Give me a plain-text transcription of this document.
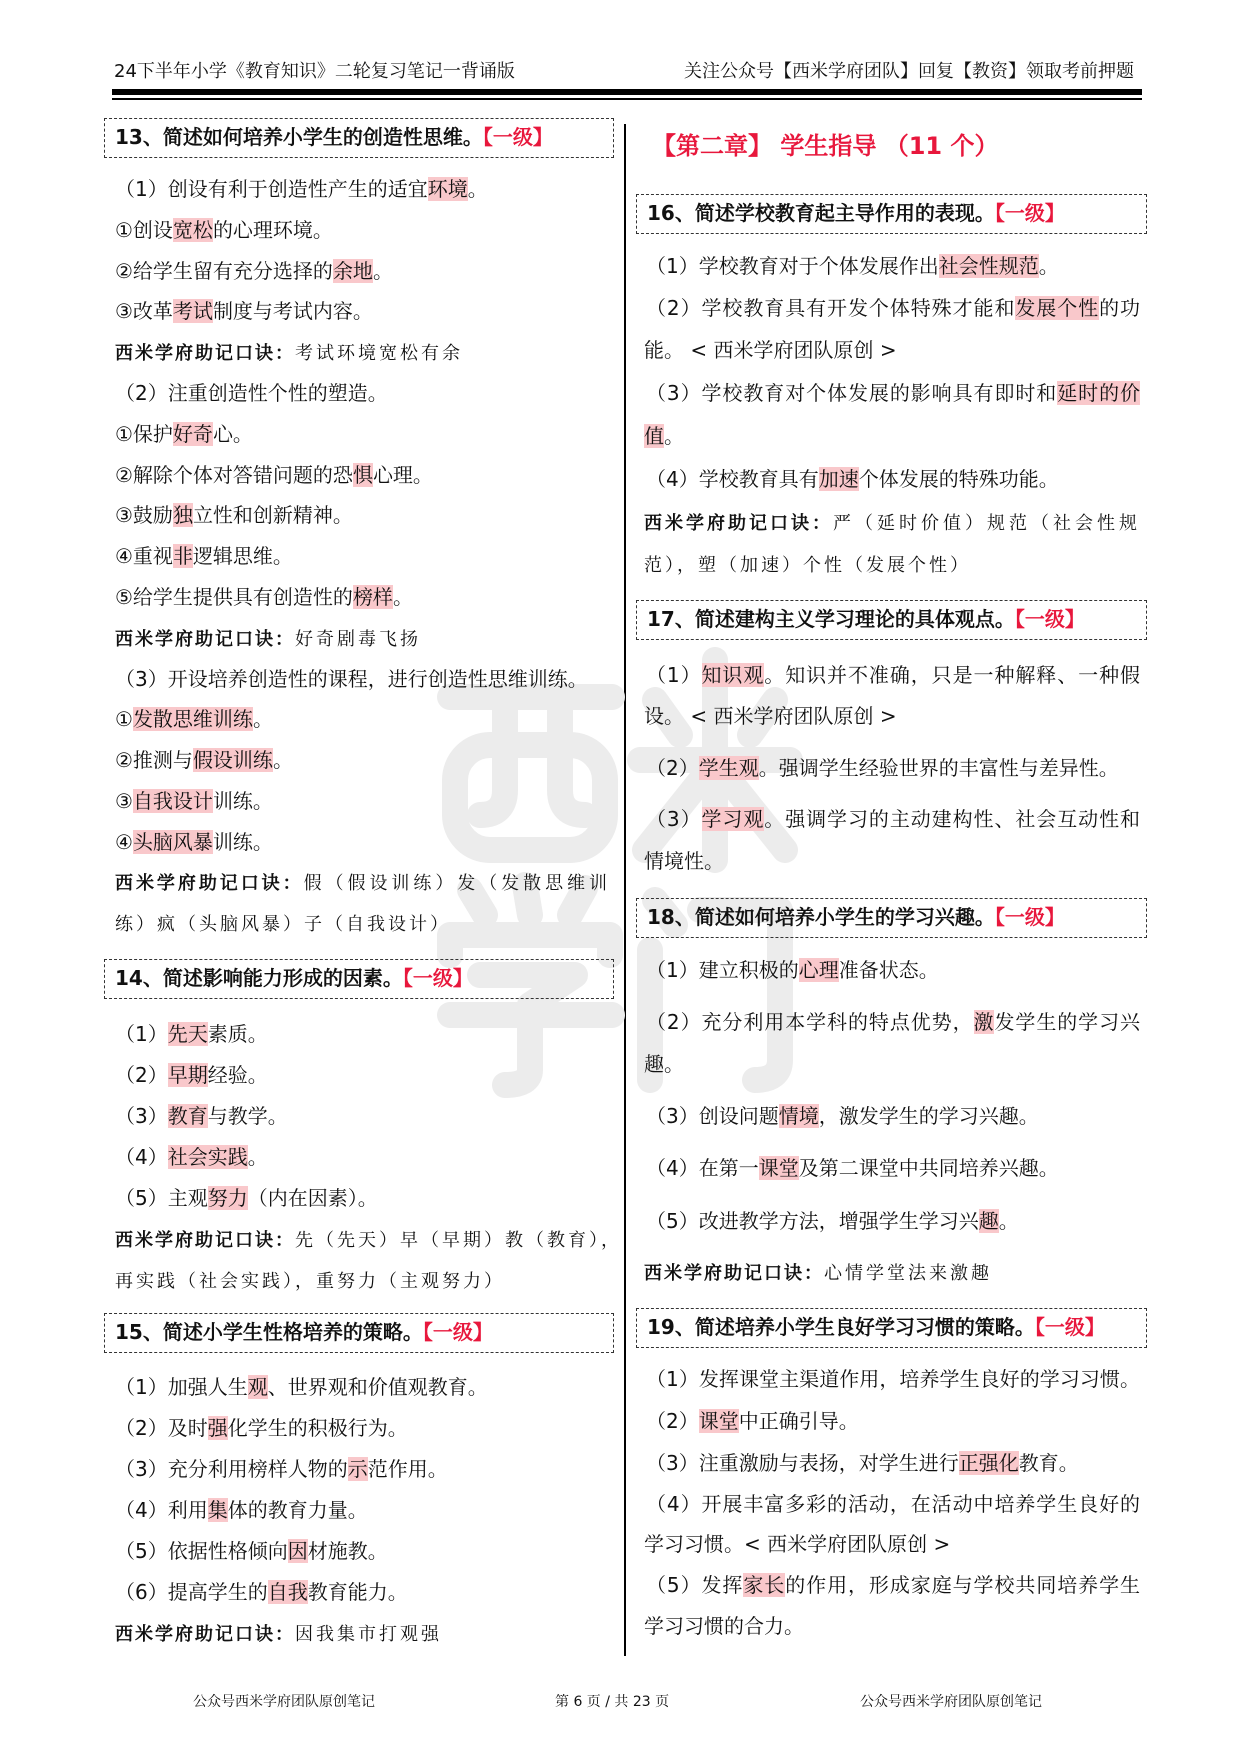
24下半年小学《教育知识》二轮复习笔记一背诵版	关注公众号【西米学府团队】回复【教资】领取考前押题
13、简述如何培养小学生的创造性思维。【一级】
（1）创设有利于创造性产生的适宜环境。
①创设宽松的心理环境。
②给学生留有充分选择的余地。
③改革考试制度与考试内容。
西米学府助记口诀：考试环境宽松有余
（2）注重创造性个性的塑造。
①保护好奇心。
②解除个体对答错问题的恐惧心理。
③鼓励独立性和创新精神。
④重视非逻辑思维。
⑤给学生提供具有创造性的榜样。
西米学府助记口诀：好奇剧毒飞扬
（3）开设培养创造性的课程，进行创造性思维训练。
①发散思维训练。
②推测与假设训练。
③自我设计训练。
④头脑风暴训练。
西米学府助记口诀：假（假设训练）发（发散思维训
练）疯（头脑风暴）子（自我设计）
14、简述影响能力形成的因素。【一级】
（1）先天素质。
（2）早期经验。
（3）教育与教学。
（4）社会实践。
（5）主观努力（内在因素）。
西米学府助记口诀：先（先天）早（早期）教（教育），
再实践（社会实践），重努力（主观努力）
15、简述小学生性格培养的策略。【一级】
（1）加强人生观、世界观和价值观教育。
（2）及时强化学生的积极行为。
（3）充分利用榜样人物的示范作用。
（4）利用集体的教育力量。
（5）依据性格倾向因材施教。
（6）提高学生的自我教育能力。
西米学府助记口诀：因我集市打观强
【第二章】 学生指导 （11 个）
16、简述学校教育起主导作用的表现。【一级】
（1）学校教育对于个体发展作出社会性规范。
（2）学校教育具有开发个体特殊才能和发展个性的功
能。 < 西米学府团队原创 >
（3）学校教育对个体发展的影响具有即时和延时的价
值。
（4）学校教育具有加速个体发展的特殊功能。
西米学府助记口诀：严（延时价值）规范（社会性规
范），塑（加速）个性（发展个性）
17、简述建构主义学习理论的具体观点。【一级】
（1）知识观。知识并不准确，只是一种解释、一种假
设。 < 西米学府团队原创 >
（2）学生观。强调学生经验世界的丰富性与差异性。
（3）学习观。强调学习的主动建构性、社会互动性和
情境性。
18、简述如何培养小学生的学习兴趣。【一级】
（1）建立积极的心理准备状态。
（2）充分利用本学科的特点优势，激发学生的学习兴
趣。
（3）创设问题情境，激发学生的学习兴趣。
（4）在第一课堂及第二课堂中共同培养兴趣。
（5）改进教学方法，增强学生学习兴趣。
西米学府助记口诀：心情学堂法来激趣
19、简述培养小学生良好学习习惯的策略。【一级】
（1）发挥课堂主渠道作用，培养学生良好的学习习惯。
（2）课堂中正确引导。
（3）注重激励与表扬，对学生进行正强化教育。
（4）开展丰富多彩的活动，在活动中培养学生良好的
学习习惯。< 西米学府团队原创 >
（5）发挥家长的作用，形成家庭与学校共同培养学生
学习习惯的合力。
公众号西米学府团队原创笔记	第 6 页 / 共 23 页	公众号西米学府团队原创笔记
